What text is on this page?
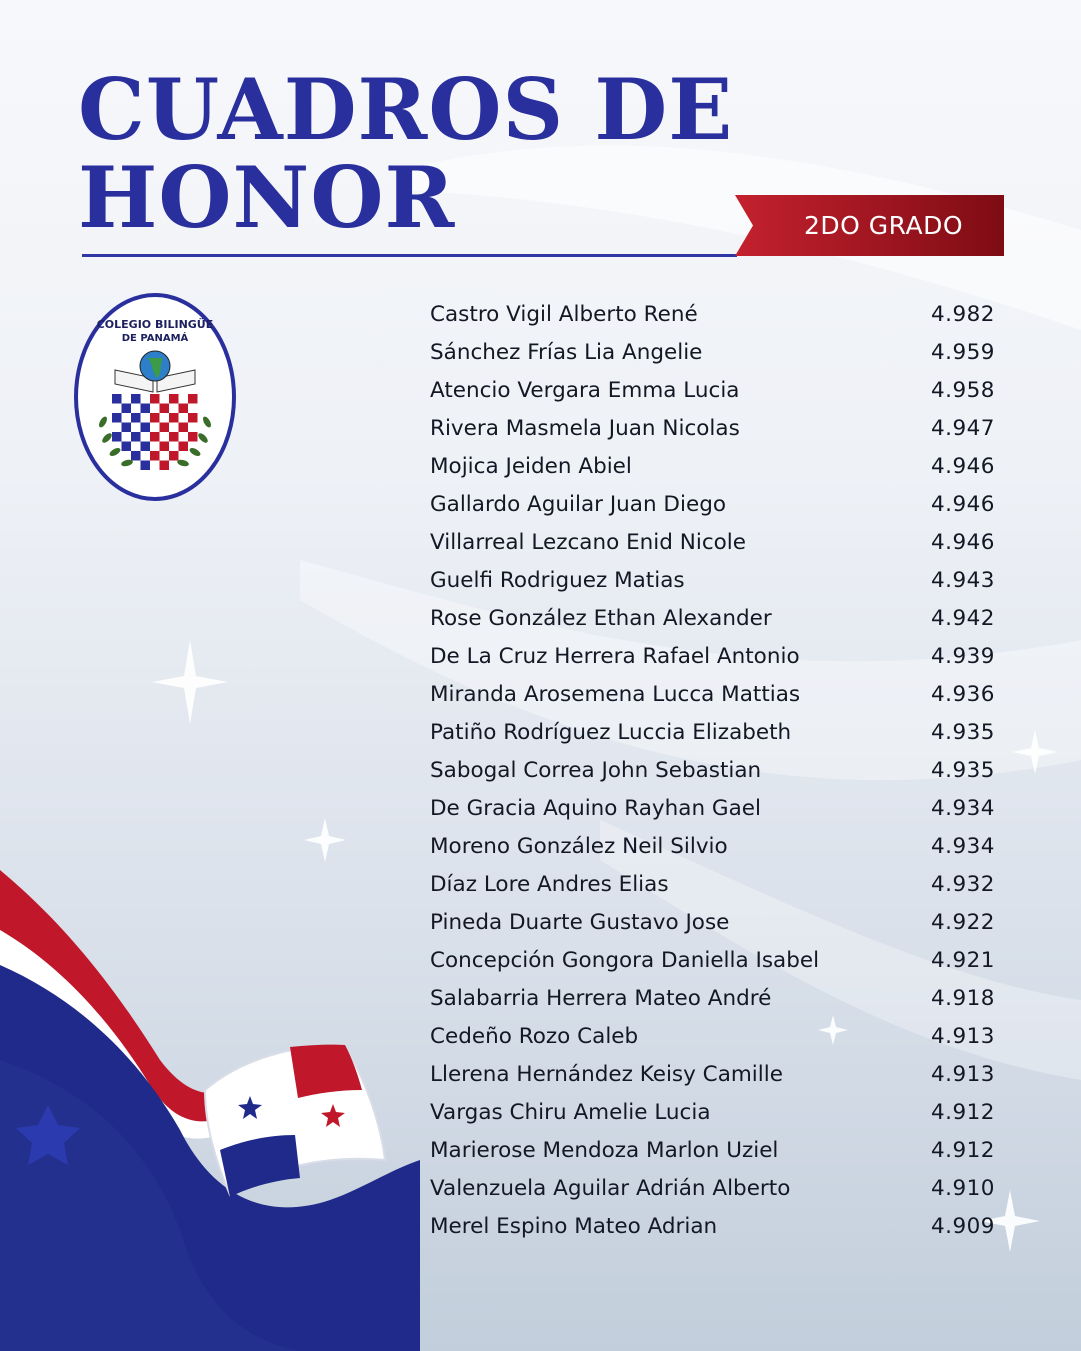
CUADROS DE
HONOR	2DO GRADO
COLEGIO BILINGÜE
DE PANAMÁ
Castro Vigil Alberto René	4.982
Sánchez Frías Lia Angelie	4.959
Atencio Vergara Emma Lucia	4.958
Rivera Masmela Juan Nicolas	4.947
Mojica Jeiden Abiel	4.946
Gallardo Aguilar Juan Diego	4.946
Villarreal Lezcano Enid Nicole	4.946
Guelfi Rodriguez Matias	4.943
Rose González Ethan Alexander	4.942
De La Cruz Herrera Rafael Antonio	4.939
Miranda Arosemena Lucca Mattias	4.936
Patiño Rodríguez Luccia Elizabeth	4.935
Sabogal Correa John Sebastian	4.935
De Gracia Aquino Rayhan Gael	4.934
Moreno González Neil Silvio	4.934
Díaz Lore Andres Elias	4.932
Pineda Duarte Gustavo Jose	4.922
Concepción Gongora Daniella Isabel	4.921
Salabarria Herrera Mateo André	4.918
Cedeño Rozo Caleb	4.913
Llerena Hernández Keisy Camille	4.913
Vargas Chiru Amelie Lucia	4.912
Marierose Mendoza Marlon Uziel	4.912
Valenzuela Aguilar Adrián Alberto	4.910
Merel Espino Mateo Adrian	4.909
